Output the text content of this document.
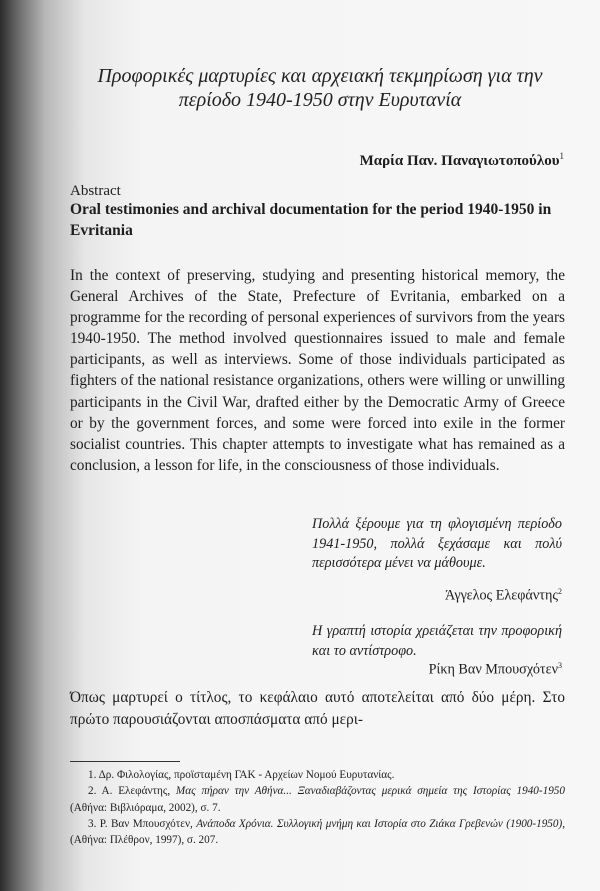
Προφορικές μαρτυρίες και αρχειακή τεκμηρίωση για την περίοδο 1940-1950 στην Ευρυτανία
Μαρία Παν. Παναγιωτοπούλου$^1$
Abstract
Oral testimonies and archival documentation for the period 1940-1950 in Evritania
In the context of preserving, studying and presenting historical memory, the General Archives of the State, Prefecture of Evritania, embarked on a programme for the recording of personal experiences of survivors from the years 1940-1950. The method involved questionnaires issued to male and female participants, as well as interviews. Some of those individuals participated as fighters of the national resistance organizations, others were willing or unwilling participants in the Civil War, drafted either by the Democratic Army of Greece or by the government forces, and some were forced into exile in the former socialist countries. This chapter attempts to investigate what has remained as a conclusion, a lesson for life, in the consciousness of those individuals.
Πολλά ξέρουμε για τη φλογισμένη περίοδο 1941-1950, πολλά ξεχάσαμε και πολύ περισσότερα μένει να μάθουμε.
Άγγελος Ελεφάντης$^2$
Η γραπτή ιστορία χρειάζεται την προφορική και το αντίστροφο.
Ρίκη Βαν Μπουσχότεν$^3$
Όπως μαρτυρεί ο τίτλος, το κεφάλαιο αυτό αποτελείται από δύο μέρη. Στο πρώτο παρουσιάζονται αποσπάσματα από μερι-

1. Δρ. Φιλολογίας, προϊσταμένη ΓΑΚ - Αρχείων Νομού Ευρυτανίας.

2. Α. Ελεφάντης, Μας πήραν την Αθήνα... Ξαναδιαβάζοντας μερικά σημεία της Ιστορίας 1940-1950 (Αθήνα: Βιβλιόραμα, 2002), σ. 7.

3. Ρ. Βαν Μπουσχότεν, Ανάποδα Χρόνια. Συλλογική μνήμη και Ιστορία στο Ζιάκα Γρεβενών (1900-1950), (Αθήνα: Πλέθρον, 1997), σ. 207.
